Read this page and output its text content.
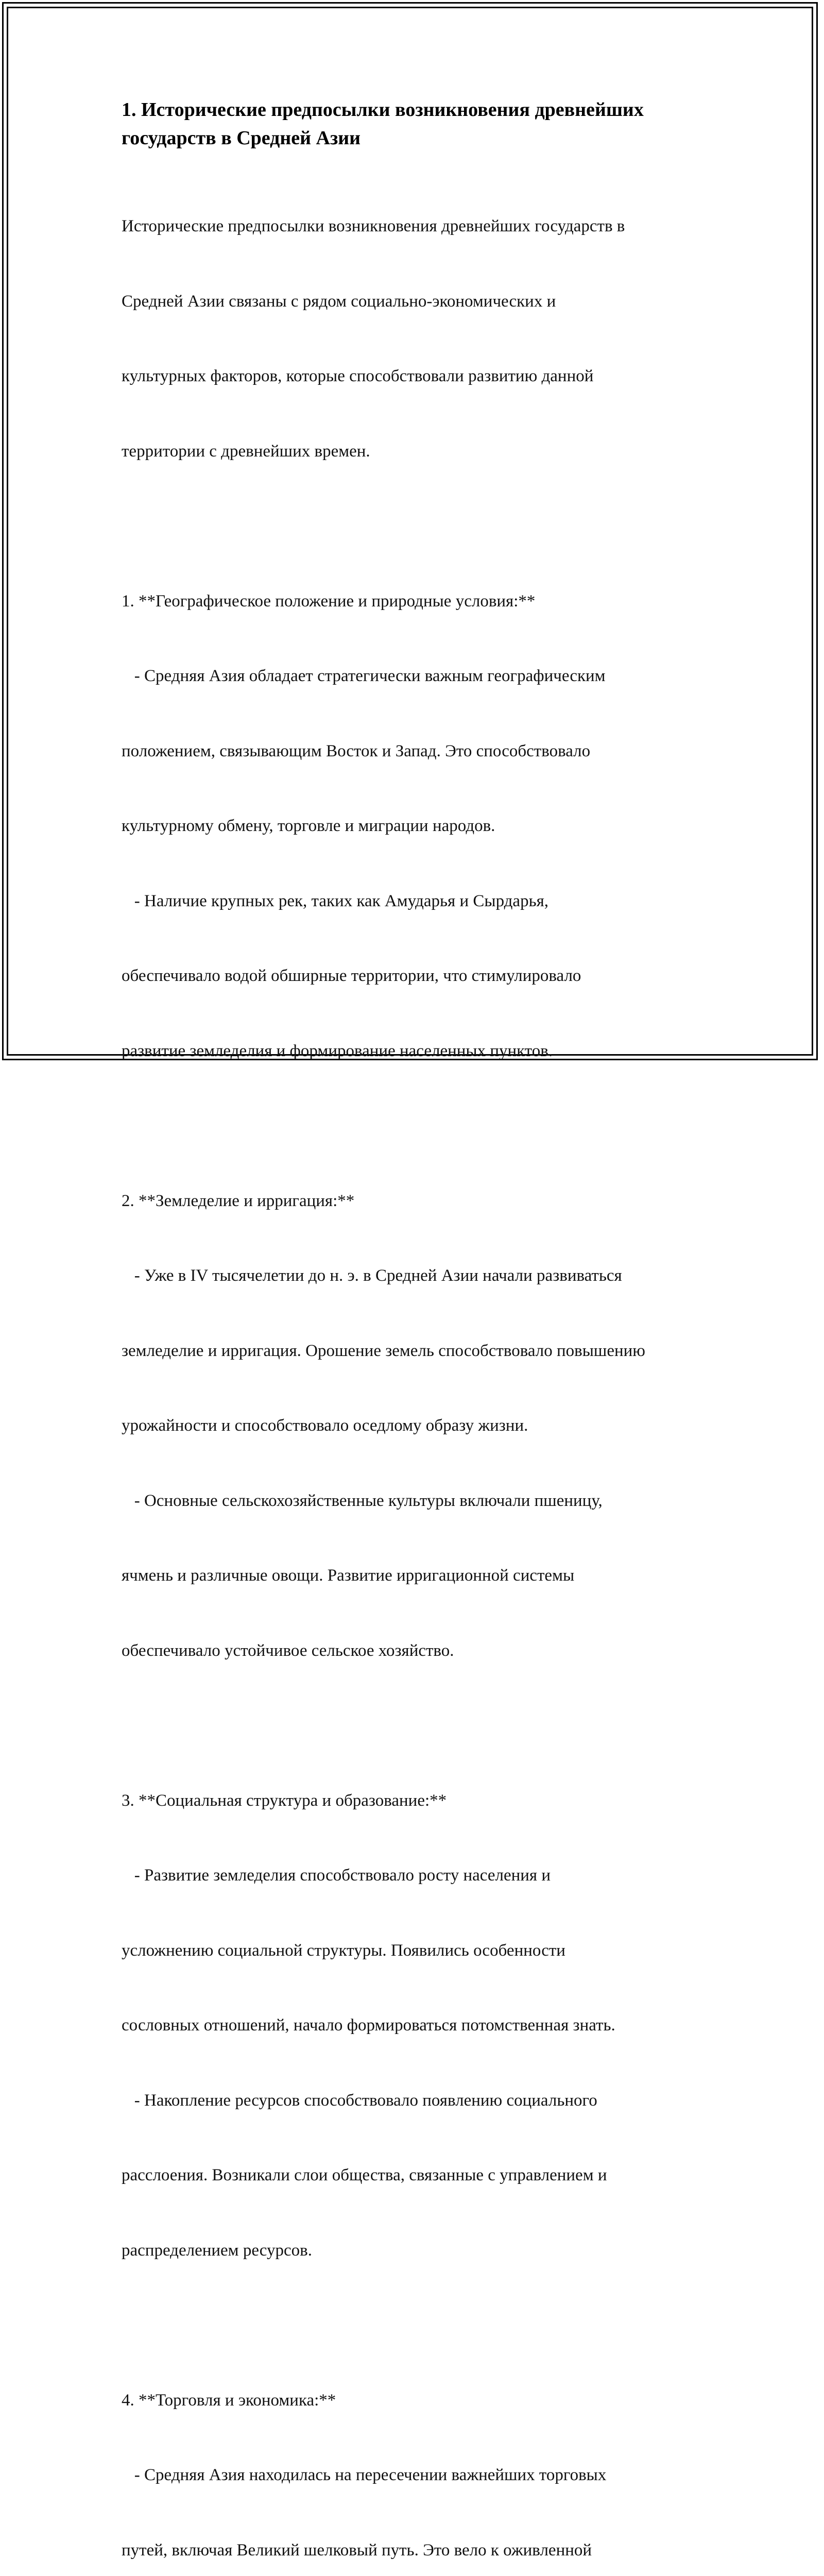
1. Исторические предпосылки возникновения древнейших
государств в Средней Азии

Исторические предпосылки возникновения древнейших государств в

Средней Азии связаны с рядом социально-экономических и

культурных факторов, которые способствовали развитию данной

территории с древнейших времен.

1. **Географическое положение и природные условия:**

- Средняя Азия обладает стратегически важным географическим

положением, связывающим Восток и Запад. Это способствовало

культурному обмену, торговле и миграции народов.

- Наличие крупных рек, таких как Амударья и Сырдарья,

обеспечивало водой обширные территории, что стимулировало

развитие земледелия и формирование населенных пунктов.

2. **Земледелие и ирригация:**

- Уже в IV тысячелетии до н. э. в Средней Азии начали развиваться

земледелие и ирригация. Орошение земель способствовало повышению

урожайности и способствовало оседлому образу жизни.

- Основные сельскохозяйственные культуры включали пшеницу,

ячмень и различные овощи. Развитие ирригационной системы

обеспечивало устойчивое сельское хозяйство.

3. **Социальная структура и образование:**

- Развитие земледелия способствовало росту населения и

усложнению социальной структуры. Появились особенности

сословных отношений, начало формироваться потомственная знать.

- Накопление ресурсов способствовало появлению социального

расслоения. Возникали слои общества, связанные с управлением и

распределением ресурсов.

4. **Торговля и экономика:**

- Средняя Азия находилась на пересечении важнейших торговых

путей, включая Великий шелковый путь. Это вело к оживленной
